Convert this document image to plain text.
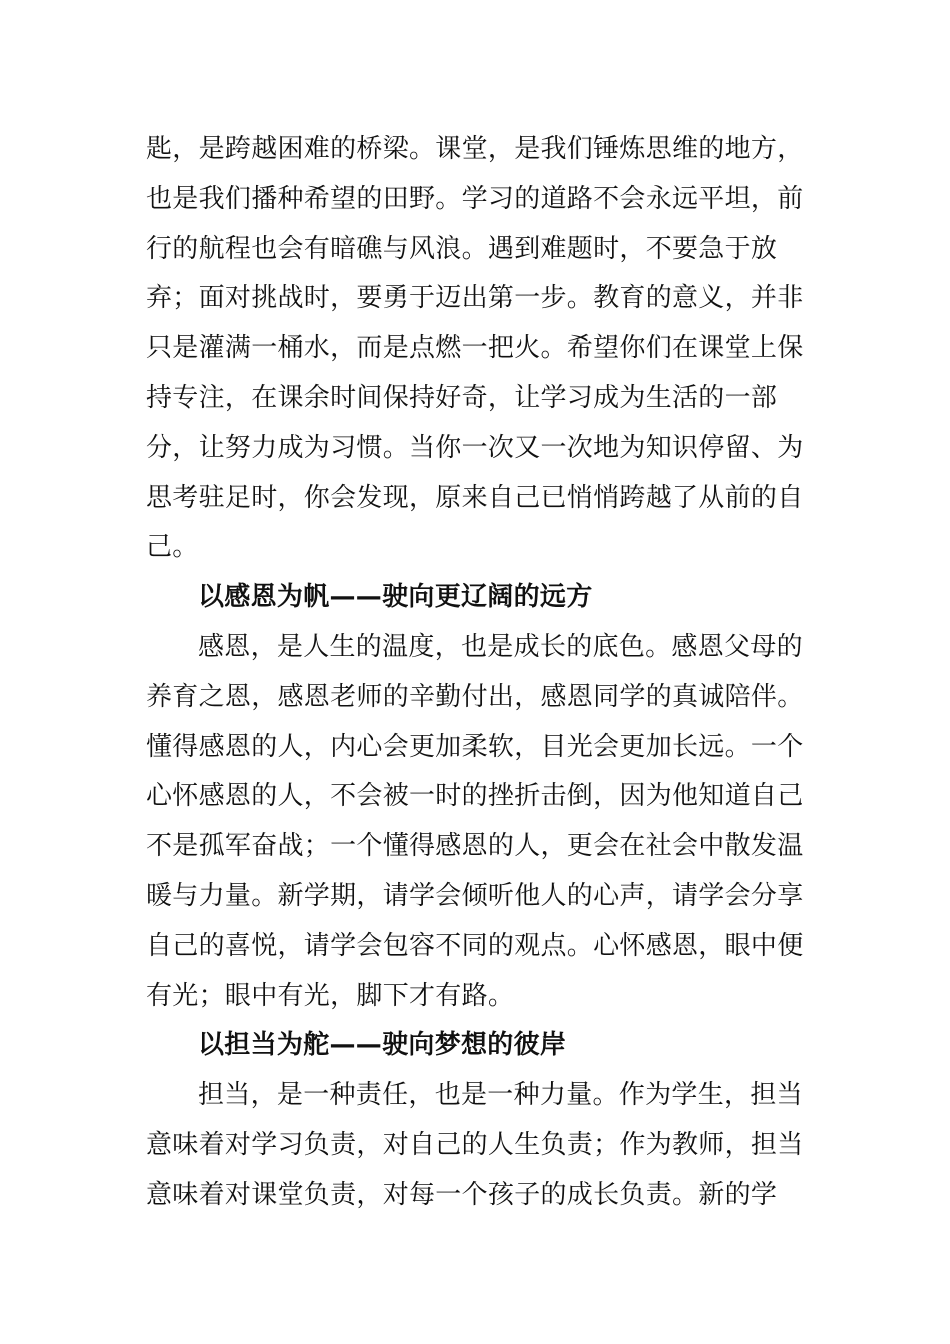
匙，是跨越困难的桥梁。课堂，是我们锤炼思维的地方，也是我们播种希望的田野。学习的道路不会永远平坦，前行的航程也会有暗礁与风浪。遇到难题时，不要急于放弃；面对挑战时，要勇于迈出第一步。教育的意义，并非只是灌满一桶水，而是点燃一把火。希望你们在课堂上保持专注，在课余时间保持好奇，让学习成为生活的一部分，让努力成为习惯。当你一次又一次地为知识停留、为思考驻足时，你会发现，原来自己已悄悄跨越了从前的自己。

以感恩为帆——驶向更辽阔的远方

感恩，是人生的温度，也是成长的底色。感恩父母的养育之恩，感恩老师的辛勤付出，感恩同学的真诚陪伴。懂得感恩的人，内心会更加柔软，目光会更加长远。一个心怀感恩的人，不会被一时的挫折击倒，因为他知道自己不是孤军奋战；一个懂得感恩的人，更会在社会中散发温暖与力量。新学期，请学会倾听他人的心声，请学会分享自己的喜悦，请学会包容不同的观点。心怀感恩，眼中便有光；眼中有光，脚下才有路。

以担当为舵——驶向梦想的彼岸

担当，是一种责任，也是一种力量。作为学生，担当意味着对学习负责，对自己的人生负责；作为教师，担当意味着对课堂负责，对每一个孩子的成长负责。新的学
